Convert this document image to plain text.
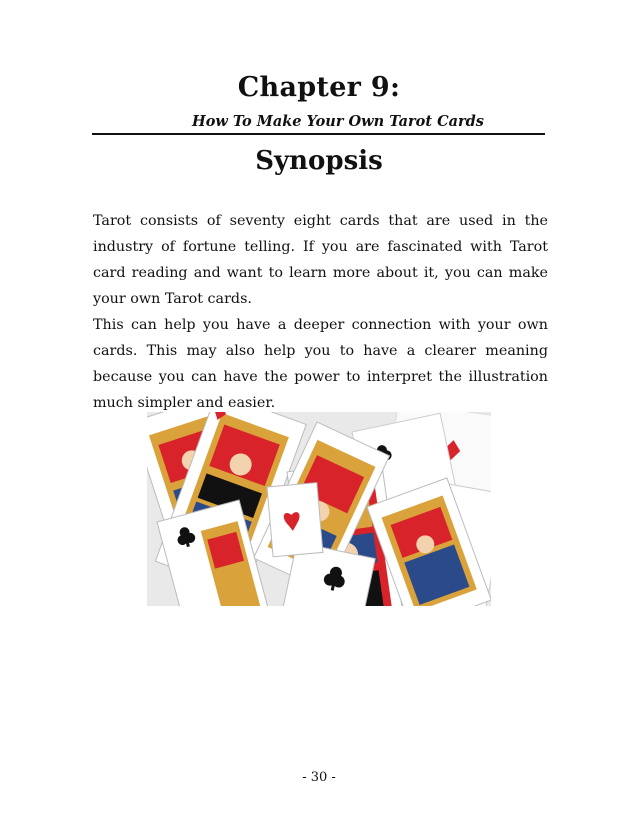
Chapter 9:
How To Make Your Own Tarot Cards
Synopsis

Tarot consists of seventy eight cards that are used in the industry of fortune telling. If you are fascinated with Tarot card reading and want to learn more about it, you can make your own Tarot cards.

This can help you have a deeper connection with your own cards. This may also help you to have a clearer meaning because you can have the power to interpret the illustration much simpler and easier.

- 30 -
